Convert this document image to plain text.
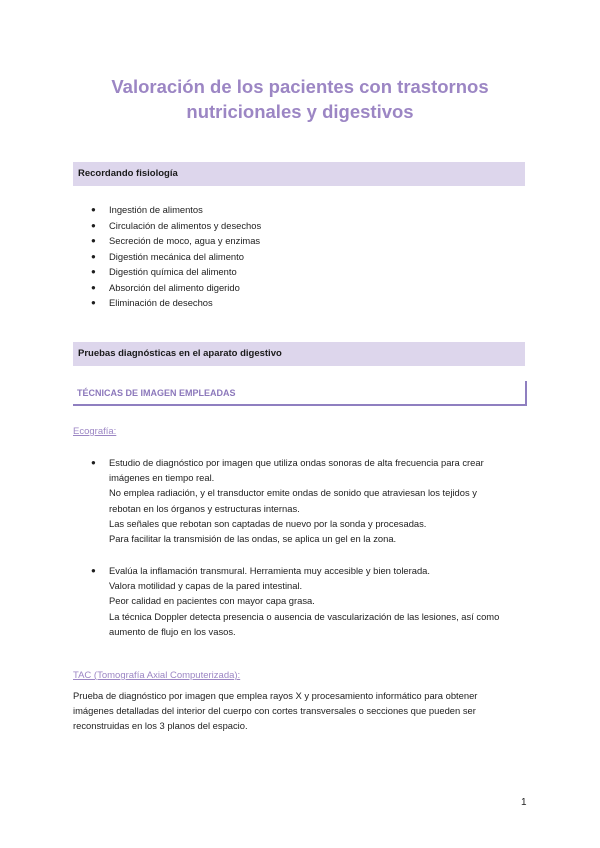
Valoración de los pacientes con trastornos
nutricionales y digestivos
Recordando fisiología
● Ingestión de alimentos
● Circulación de alimentos y desechos
● Secreción de moco, agua y enzimas
● Digestión mecánica del alimento
● Digestión química del alimento
● Absorción del alimento digerido
● Eliminación de desechos
Pruebas diagnósticas en el aparato digestivo
TÉCNICAS DE IMAGEN EMPLEADAS
Ecografía:
● Estudio de diagnóstico por imagen que utiliza ondas sonoras de alta frecuencia para crear
imágenes en tiempo real.
No emplea radiación, y el transductor emite ondas de sonido que atraviesan los tejidos y
rebotan en los órganos y estructuras internas.
Las señales que rebotan son captadas de nuevo por la sonda y procesadas.
Para facilitar la transmisión de las ondas, se aplica un gel en la zona.
● Evalúa la inflamación transmural. Herramienta muy accesible y bien tolerada.
Valora motilidad y capas de la pared intestinal.
Peor calidad en pacientes con mayor capa grasa.
La técnica Doppler detecta presencia o ausencia de vascularización de las lesiones, así como
aumento de flujo en los vasos.
TAC (Tomografía Axial Computerizada):
Prueba de diagnóstico por imagen que emplea rayos X y procesamiento informático para obtener
imágenes detalladas del interior del cuerpo con cortes transversales o secciones que pueden ser
reconstruidas en los 3 planos del espacio.
1
